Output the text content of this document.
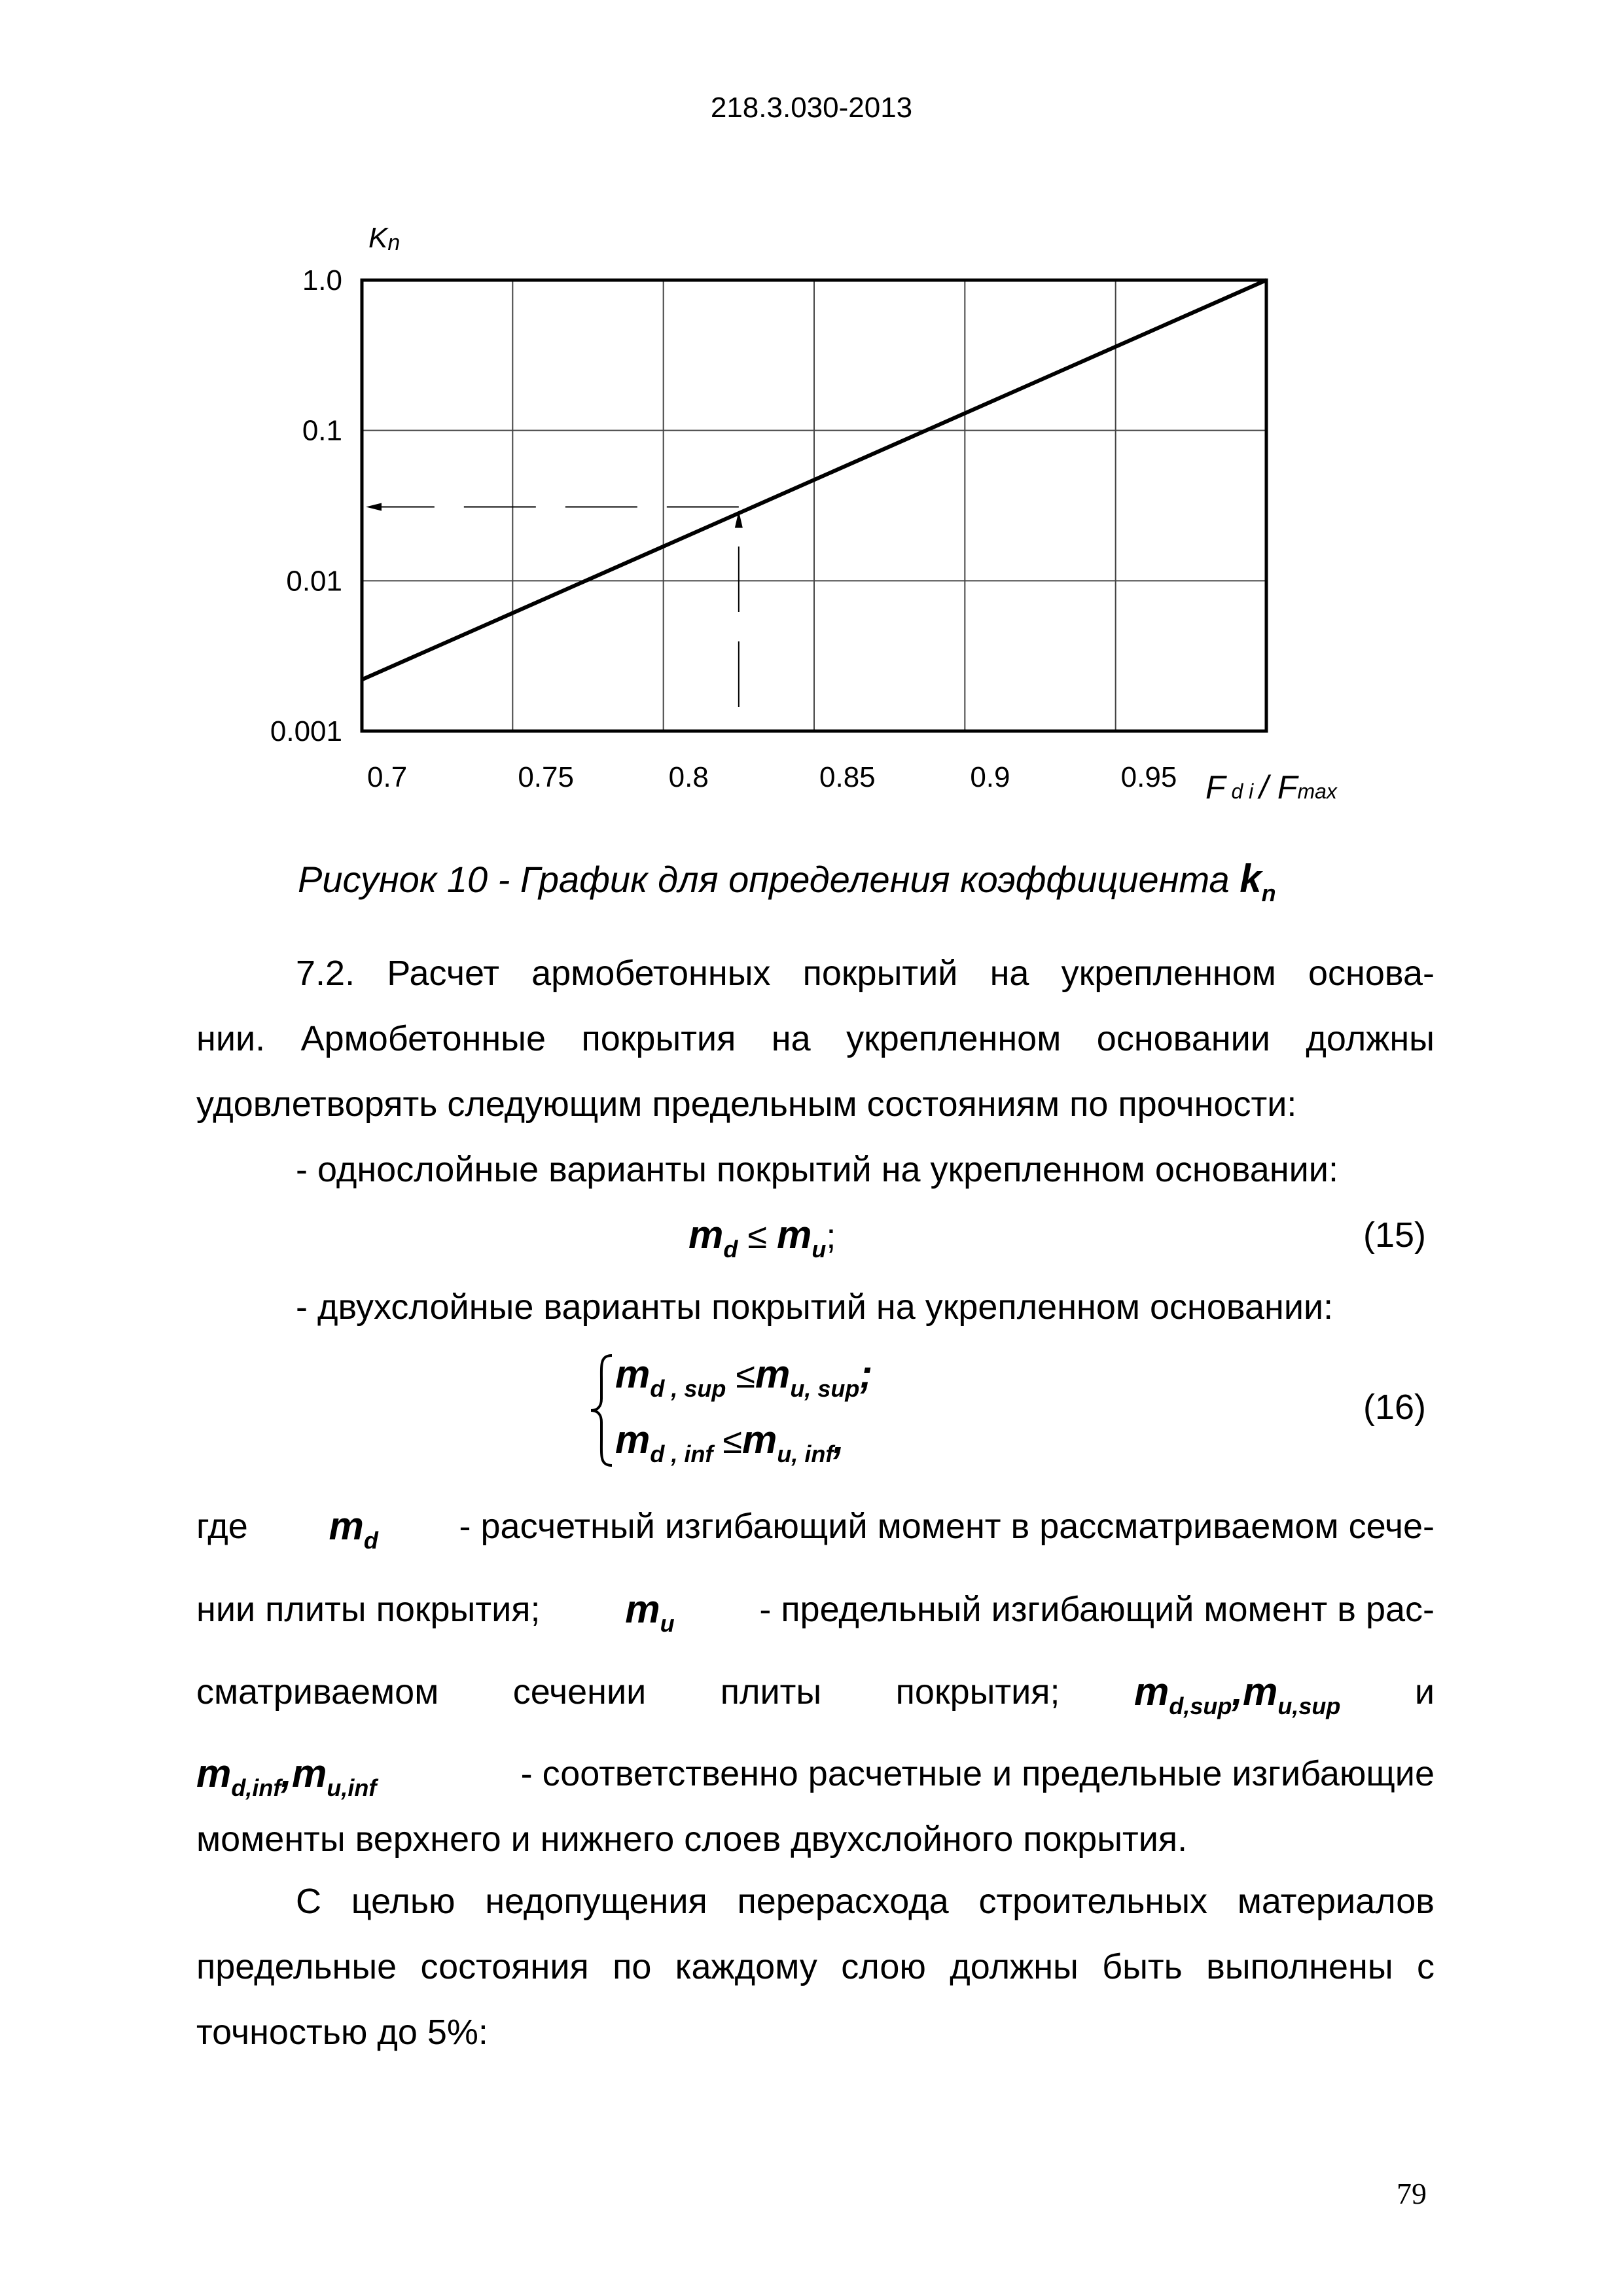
218.3.030-2013
0.7	0.75	0.8	0.85	0.9	0.95
0.001
0.01
0.1
1.0
Kn
F d i / Fmax
Рисунок 10 - График для определения коэффициента $k_n$
7.2. Расчет армобетонных покрытий на укрепленном основа-
нии. Армобетонные покрытия на укрепленном основании должны
удовлетворять следующим предельным состояниям по прочности:
- однослойные варианты покрытий на укрепленном основании:
$m_d \le m_u$;	(15)
- двухслойные варианты покрытий на укрепленном основании:
$m_{d , sup} \le m_{u, sup}$;
$m_{d , inf} \le m_{u, inf}$,
(16)
где $m_d$ - расчетный изгибающий момент в рассматриваемом сече-
нии плиты покрытия; $m_u$ - предельный изгибающий момент в рас-
сматриваемом сечении плиты покрытия; $m_{d,sup},m_{u,sup}$ и
$m_{d,inf},m_{u,inf}$	- соответственно расчетные и предельные изгибающие
моменты верхнего и нижнего слоев двухслойного покрытия.
С целью недопущения перерасхода строительных материалов
предельные состояния по каждому слою должны быть выполнены с
точностью до 5%:
79
